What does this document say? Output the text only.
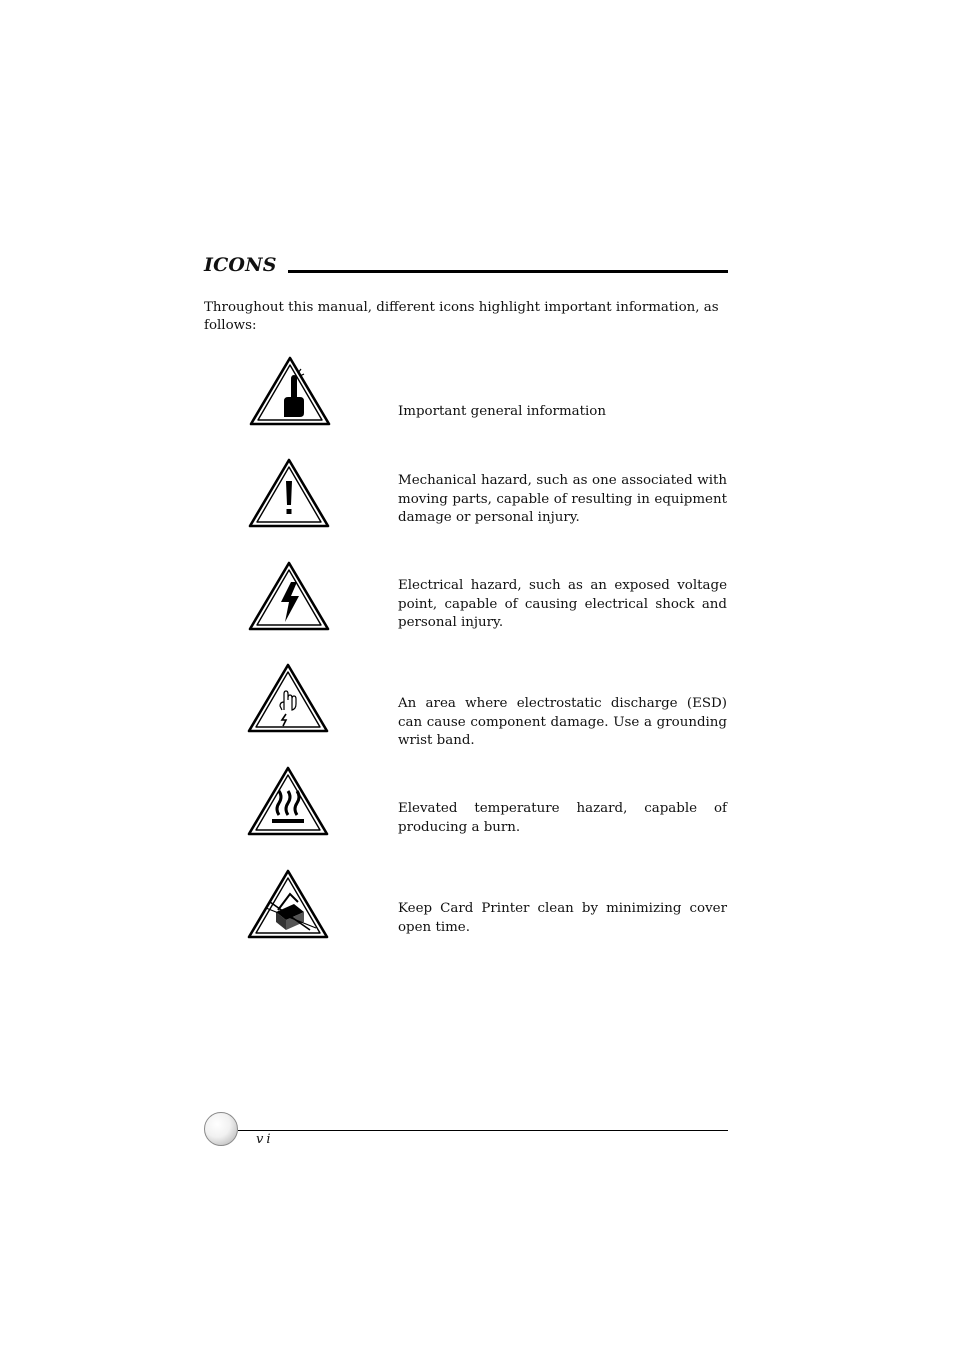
ICONS

Throughout this manual, different icons highlight important information, as follows:

Important general information

Mechanical hazard, such as one associated with moving parts, capable of resulting in equipment damage or personal injury.

Electrical hazard, such as an exposed voltage point, capable of causing electrical shock and personal injury.

An area where electrostatic discharge (ESD) can cause component damage. Use a grounding wrist band.

Elevated temperature hazard, capable of producing a burn.

Keep Card Printer clean by minimizing cover open time.

vi
